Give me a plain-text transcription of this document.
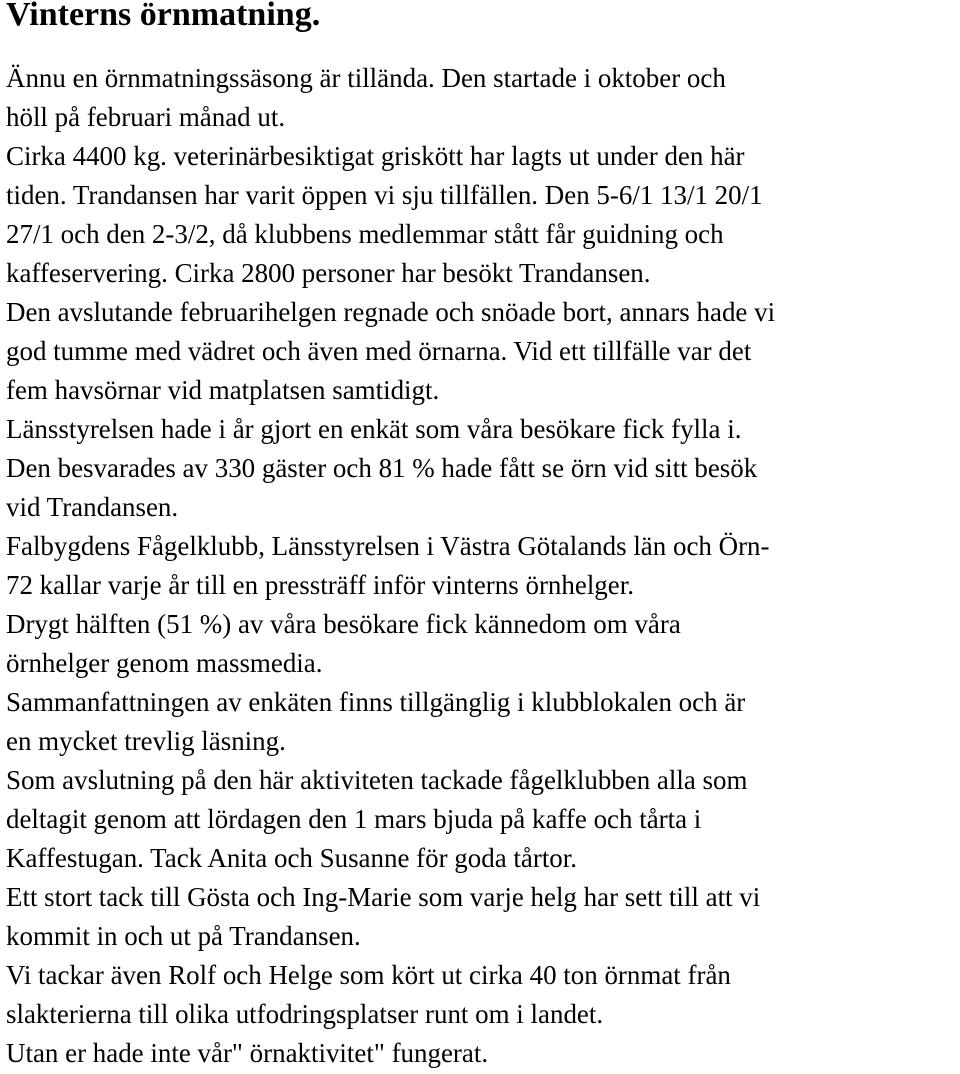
Vinterns örnmatning.
Ännu en örnmatningssäsong är tillända. Den startade i oktober och
höll på februari månad ut.
Cirka 4400 kg. veterinärbesiktigat griskött har lagts ut under den här
tiden. Trandansen har varit öppen vi sju tillfällen. Den 5-6/1 13/1 20/1
27/1 och den 2-3/2, då klubbens medlemmar stått får guidning och
kaffeservering. Cirka 2800 personer har besökt Trandansen.
Den avslutande februarihelgen regnade och snöade bort, annars hade vi
god tumme med vädret och även med örnarna. Vid ett tillfälle var det
fem havsörnar vid matplatsen samtidigt.
Länsstyrelsen hade i år gjort en enkät som våra besökare fick fylla i.
Den besvarades av 330 gäster och 81 % hade fått se örn vid sitt besök
vid Trandansen.
Falbygdens Fågelklubb, Länsstyrelsen i Västra Götalands län och Örn-
72 kallar varje år till en pressträff inför vinterns örnhelger.
Drygt hälften (51 %) av våra besökare fick kännedom om våra
örnhelger genom massmedia.
Sammanfattningen av enkäten finns tillgänglig i klubblokalen och är
en mycket trevlig läsning.
Som avslutning på den här aktiviteten tackade fågelklubben alla som
deltagit genom att lördagen den 1 mars bjuda på kaffe och tårta i
Kaffestugan. Tack Anita och Susanne för goda tårtor.
Ett stort tack till Gösta och Ing-Marie som varje helg har sett till att vi
kommit in och ut på Trandansen.
Vi tackar även Rolf och Helge som kört ut cirka 40 ton örnmat från
slakterierna till olika utfodringsplatser runt om i landet.
Utan er hade inte vår" örnaktivitet" fungerat.
